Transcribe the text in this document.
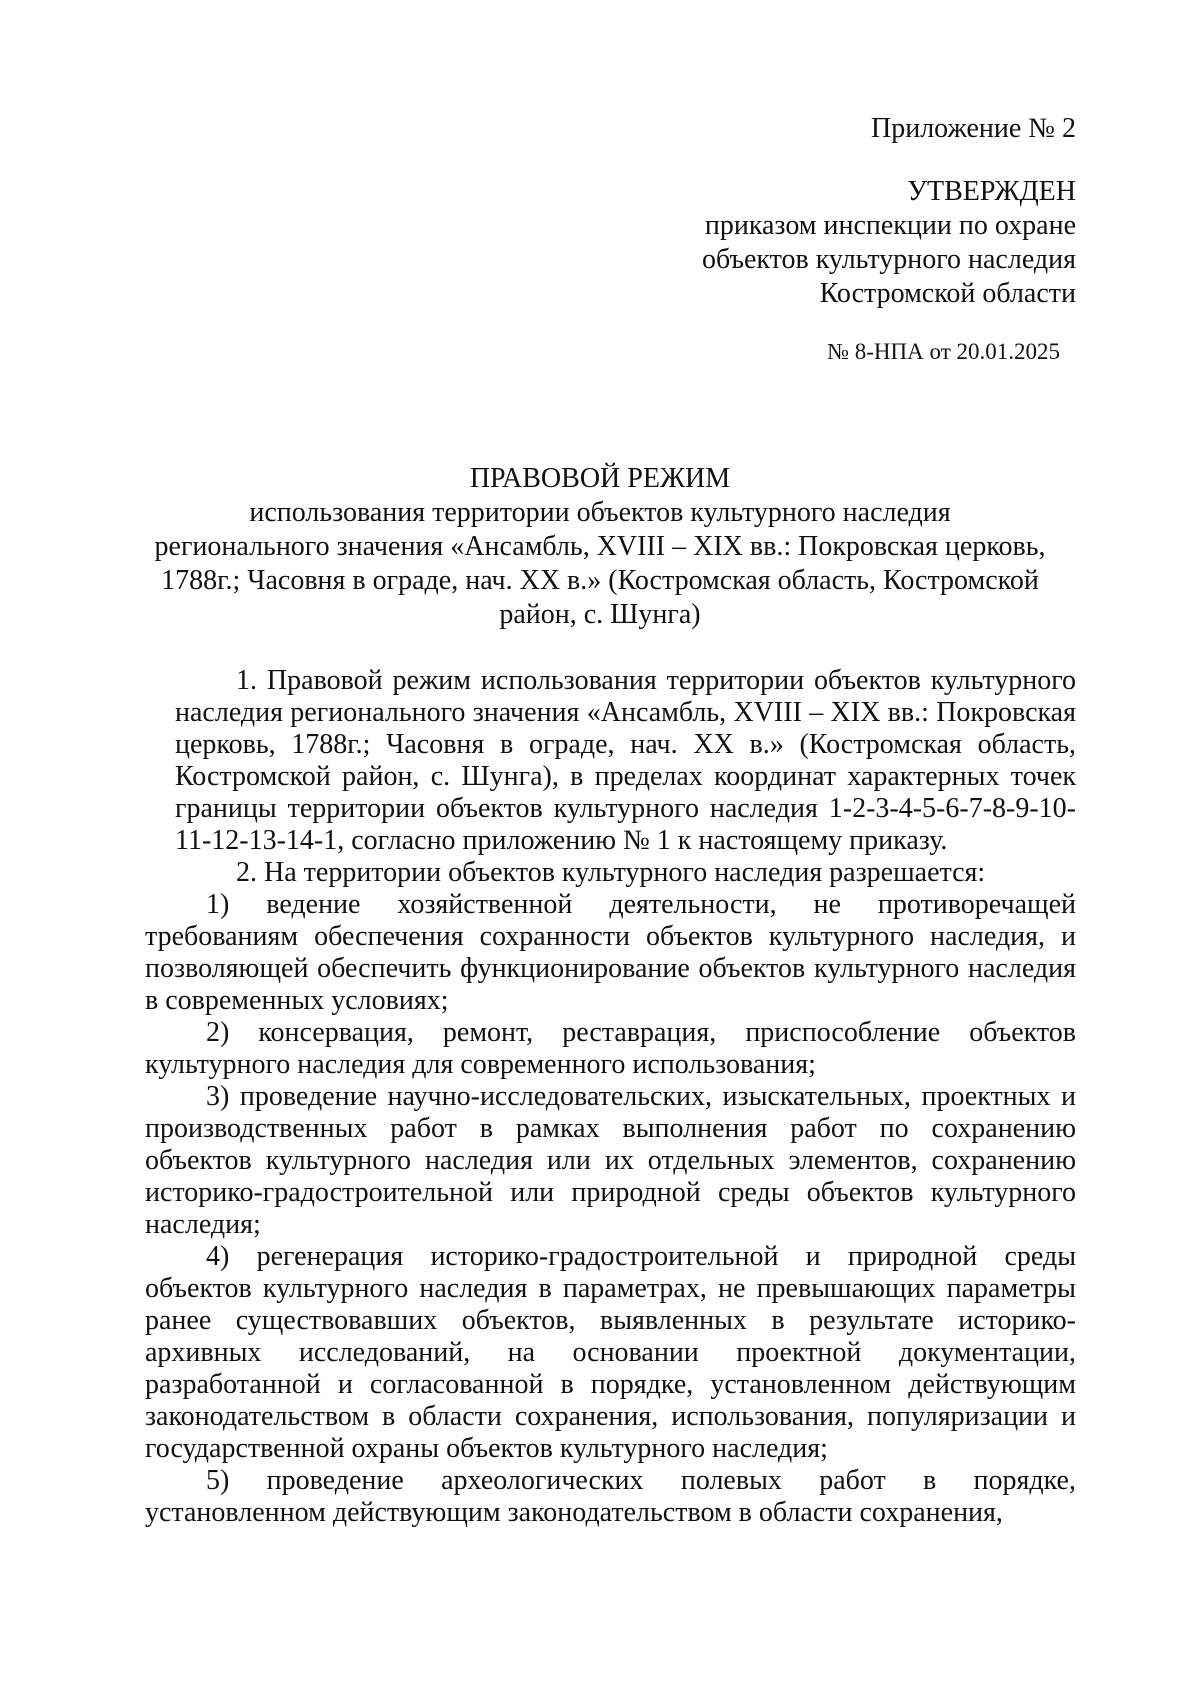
Приложение № 2
УТВЕРЖДЕН
приказом инспекции по охране
объектов культурного наследия
Костромской области
№ 8-НПА от 20.01.2025
ПРАВОВОЙ РЕЖИМ
использования территории объектов культурного наследия
регионального значения «Ансамбль, XVIII – XIX вв.: Покровская церковь,
1788г.; Часовня в ограде, нач. XX в.» (Костромская область, Костромской
район, с. Шунга)

1. Правовой режим использования территории объектов культурного наследия регионального значения «Ансамбль, XVIII – XIX вв.: Покровская церковь, 1788г.; Часовня в ограде, нач. XX в.» (Костромская область, Костромской район, с. Шунга), в пределах координат характерных точек границы территории объектов культурного наследия 1-2-3-4-5-6-7-8-9-10-11-12-13-14-1, согласно приложению № 1 к настоящему приказу.

2. На территории объектов культурного наследия разрешается:

1) ведение хозяйственной деятельности, не противоречащей требованиям обеспечения сохранности объектов культурного наследия, и позволяющей обеспечить функционирование объектов культурного наследия в современных условиях;

2) консервация, ремонт, реставрация, приспособление объектов культурного наследия для современного использования;

3) проведение научно-исследовательских, изыскательных, проектных и производственных работ в рамках выполнения работ по сохранению объектов культурного наследия или их отдельных элементов, сохранению историко-градостроительной или природной среды объектов культурного наследия;

4) регенерация историко-градостроительной и природной среды объектов культурного наследия в параметрах, не превышающих параметры ранее существовавших объектов, выявленных в результате историко-архивных исследований, на основании проектной документации, разработанной и согласованной в порядке, установленном действующим законодательством в области сохранения, использования, популяризации и государственной охраны объектов культурного наследия;

5) проведение археологических полевых работ в порядке, установленном действующим законодательством в области сохранения,
